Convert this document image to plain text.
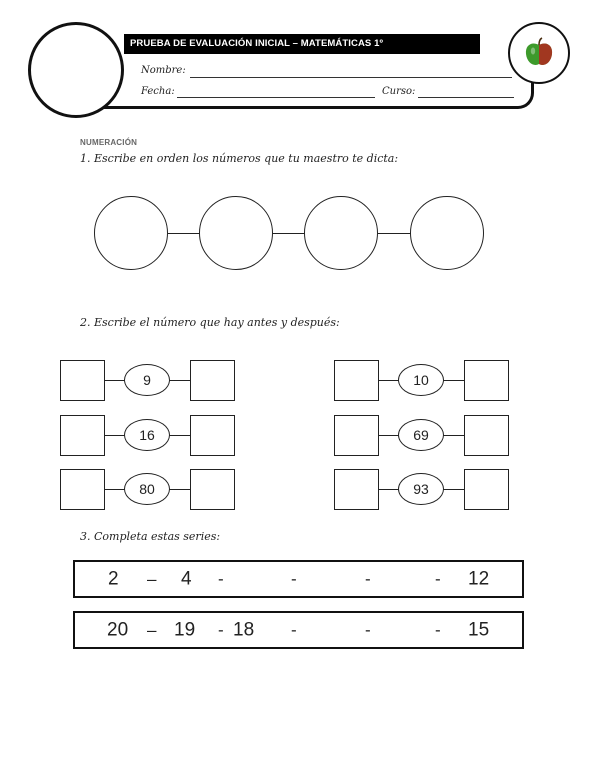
PRUEBA DE EVALUACIÓN INICIAL – MATEMÁTICAS 1º
Nombre:
Fecha:	Curso:
NUMERACIÓN
1. Escribe en orden los números que tu maestro te dicta:
2. Escribe el número que hay antes y después:
9
16
80
10
69
93
3. Completa estas series:
2 – 4 -	-	-	- 12
20 – 19 - 18 -	-	- 15
